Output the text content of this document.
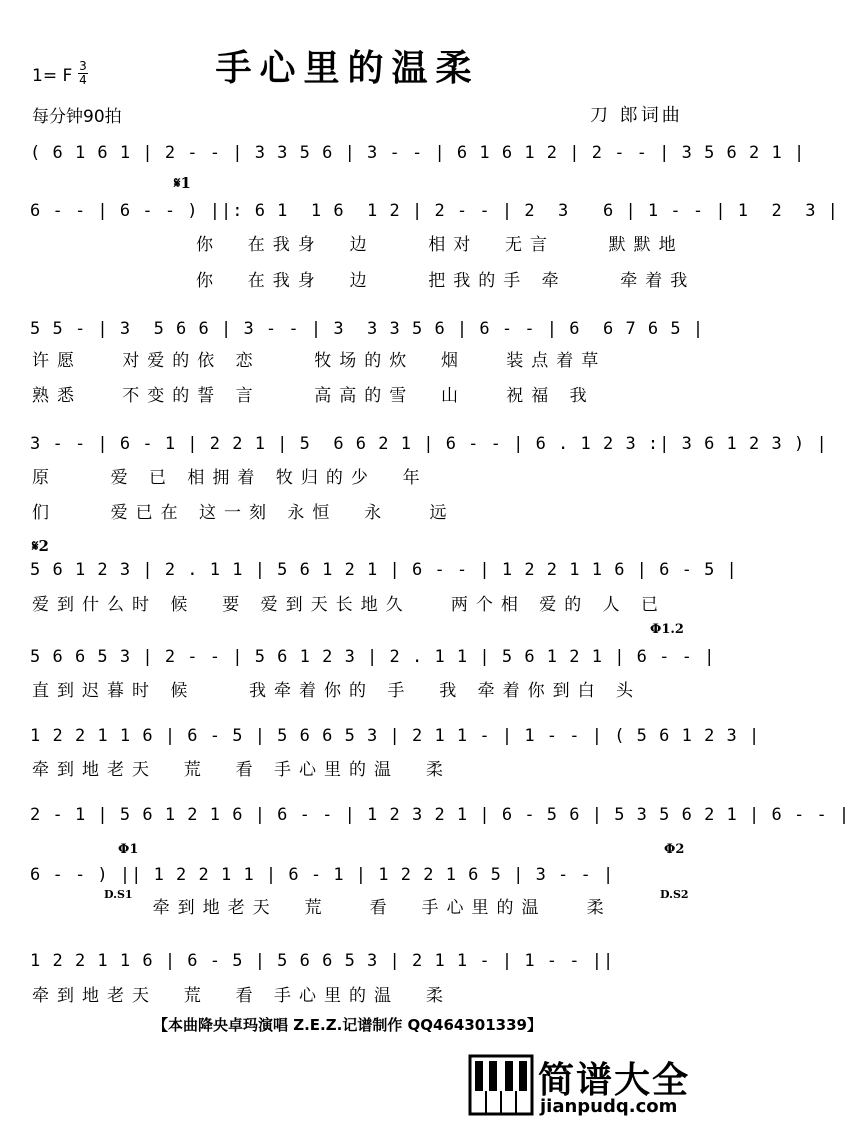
手心里的温柔
1= F 3
4
每分钟90拍	刀 郎词曲
( 6 1 6 1 | 2 - - | 3 3 5 6 | 3 - - | 6 1 6 1 2 | 2 - - | 3 5 6 2 1 |
𝄋1
6 - - | 6 - - ) ||: 6 1  1 6  1 2 | 2 - - | 2  3   6 | 1 - - | 1  2  3 |
你  在我身  边    相对  无言    默默地
你  在我身  边    把我的手 牵    牵着我
5 5 - | 3  5 6 6 | 3 - - | 3  3 3 5 6 | 6 - - | 6  6 7 6 5 |
许愿   对爱的依 恋    牧场的炊  烟   装点着草
熟悉   不变的誓 言    高高的雪  山   祝福 我
3 - - | 6 - 1 | 2 2 1 | 5  6 6 2 1 | 6 - - | 6 . 1 2 3 :| 3 6 1 2 3 ) |
原    爱 已 相拥着 牧归的少  年
们    爱已在 这一刻 永恒  永   远
𝄋2
5 6 1 2 3 | 2 . 1 1 | 5 6 1 2 1 | 6 - - | 1 2 2 1 1 6 | 6 - 5 |
爱到什么时 候  要 爱到天长地久   两个相 爱的 人 已
Φ1.2
5 6 6 5 3 | 2 - - | 5 6 1 2 3 | 2 . 1 1 | 5 6 1 2 1 | 6 - - |
直到迟暮时 候    我牵着你的 手  我 牵着你到白 头
1 2 2 1 1 6 | 6 - 5 | 5 6 6 5 3 | 2 1 1 - | 1 - - | ( 5 6 1 2 3 |
牵到地老天  荒  看 手心里的温  柔
2 - 1 | 5 6 1 2 1 6 | 6 - - | 1 2 3 2 1 | 6 - 5 6 | 5 3 5 6 2 1 | 6 - - |
Φ1	Φ2
6 - - ) || 1 2 2 1 1 | 6 - 1 | 1 2 2 1 6 5 | 3 - - |
D.S1	D.S2
牵到地老天  荒   看  手心里的温   柔
1 2 2 1 1 6 | 6 - 5 | 5 6 6 5 3 | 2 1 1 - | 1 - - ||
牵到地老天  荒  看 手心里的温  柔
【本曲降央卓玛演唱 Z.E.Z.记谱制作 QQ464301339】
简谱大全
jianpudq.com
